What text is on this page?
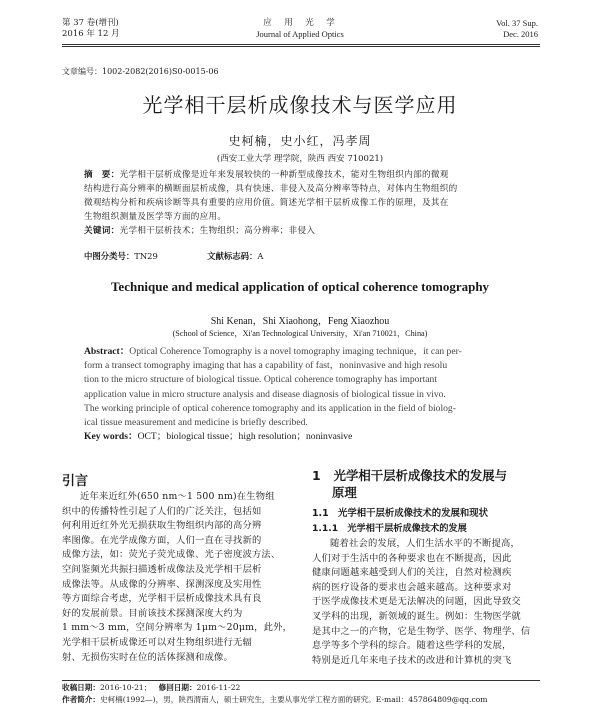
第 37 卷(增刊)
2016 年 12 月
应　用　光　学
Journal of Applied Optics
Vol. 37 Sup.
Dec. 2016
文章编号：1002-2082(2016)S0-0015-06
光学相干层析成像技术与医学应用
史柯楠，史小红，冯孝周
(西安工业大学 理学院，陕西 西安 710021)
摘　要：光学相干层析成像是近年来发展较快的一种新型成像技术，能对生物组织内部的微观
结构进行高分辨率的横断面层析成像，具有快速、非侵入及高分辨率等特点，对体内生物组织的
微观结构分析和疾病诊断等具有重要的应用价值。简述光学相干层析成像工作的原理，及其在
生物组织测量及医学等方面的应用。
关键词：光学相干层析技术；生物组织；高分辨率；非侵入
中图分类号：TN29	文献标志码：A
Technique and medical application of optical coherence tomography
Shi Kenan，Shi Xiaohong，Feng Xiaozhou
(School of Science，Xi'an Technological University，Xi'an 710021，China)
Abstract：Optical Coherence Tomography is a novel tomography imaging technique，it can per-
form a transect tomography imaging that has a capability of fast，noninvasive and high resolu
tion to the micro structure of biological tissue. Optical coherence tomography has important
application value in micro structure analysis and disease diagnosis of biological tissue in vivo.
The working principle of optical coherence tomography and its application in the field of biolog-
ical tissue measurement and medicine is briefly described.
Key words：OCT；biological tissue；high resolution；noninvasive
引言
近年来近红外(650 nm～1 500 nm)在生物组
织中的传播特性引起了人们的广泛关注，包括如
何利用近红外光无损获取生物组织内部的高分辨
率图像。在光学成像方面，人们一直在寻找新的
成像方法，如：荧光子荧光成像、光子密度波方法、
空间鉴频光共振扫描透析成像法及光学相干层析
成像法等。从成像的分辨率、探测深度及实用性
等方面综合考虑，光学相干层析成像技术具有良
好的发展前景。目前该技术探测深度大约为
1 mm～3 mm，空间分辨率为 1μm～20μm，此外，
光学相干层析成像还可以对生物组织进行无辐
射、无损伤实时在位的活体探测和成像。
1 光学相干层析成像技术的发展与
原理
1.1　光学相干层析成像技术的发展和现状
1.1.1　光学相干层析成像技术的发展
随着社会的发展，人们生活水平的不断提高，
人们对于生活中的各种要求也在不断提高，因此
健康问题越来越受到人们的关注，自然对检测疾
病的医疗设备的要求也会越来越高。这种要求对
于医学成像技术更是无法解决的问题，因此导致交
叉学科的出现，新领域的诞生。例如：生物医学就
是其中之一的产物，它是生物学、医学、物理学、信
息学等多个学科的综合。随着这些学科的发展，
特别是近几年来电子技术的改进和计算机的突飞
收稿日期：2016-10-21； 修回日期：2016-11-22
作者简介：史柯楠(1992—)，男，陕西渭南人，硕士研究生，主要从事光学工程方面的研究。E-mail：457864809@qq.com
